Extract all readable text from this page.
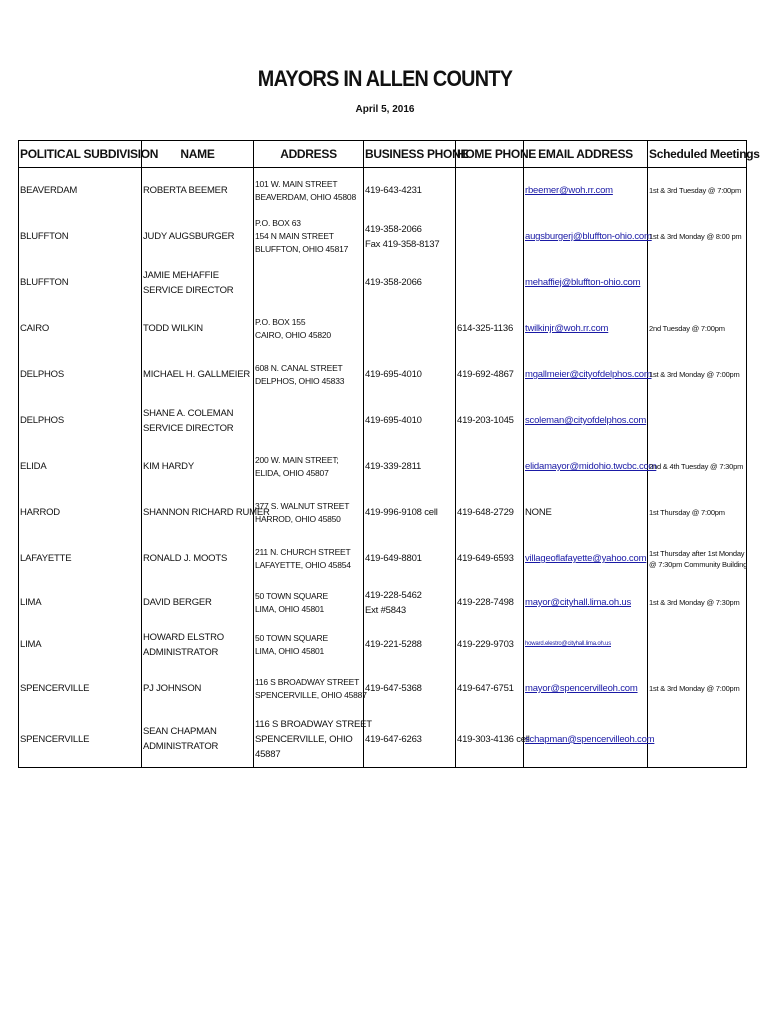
MAYORS IN ALLEN COUNTY
April 5, 2016
POLITICAL SUBDIVISION	NAME	ADDRESS	BUSINESS PHONE	HOME PHONE	EMAIL ADDRESS	Scheduled Meetings
BEAVERDAM	ROBERTA BEEMER	101 W. MAIN STREET
BEAVERDAM, OHIO 45808	419-643-4231		rbeemer@woh.rr.com	1st & 3rd Tuesday @ 7:00pm

BLUFFTON	JUDY AUGSBURGER	P.O. BOX 63
154 N MAIN STREET
BLUFFTON, OHIO 45817	419-358-2066
Fax 419-358-8137		augsburgerj@bluffton-ohio.com	1st & 3rd Monday @ 8:00 pm

BLUFFTON	JAMIE MEHAFFIE
SERVICE DIRECTOR		419-358-2066		mehaffiej@bluffton-ohio.com	
CAIRO	TODD WILKIN	P.O. BOX 155
CAIRO, OHIO 45820		614-325-1136	twilkinjr@woh.rr.com	2nd Tuesday @ 7:00pm

DELPHOS	MICHAEL H. GALLMEIER	608 N. CANAL STREET
DELPHOS, OHIO 45833	419-695-4010	419-692-4867	mgallmeier@cityofdelphos.com	1st & 3rd Monday @ 7:00pm

DELPHOS	SHANE A. COLEMAN
SERVICE DIRECTOR		419-695-4010	419-203-1045	scoleman@cityofdelphos.com	
ELIDA	KIM HARDY	200 W. MAIN STREET;
ELIDA, OHIO 45807	419-339-2811		elidamayor@midohio.twcbc.com	2nd & 4th Tuesday @ 7:30pm

HARROD	SHANNON RICHARD RUMER	377 S. WALNUT STREET
HARROD, OHIO 45850	419-996-9108 cell	419-648-2729	NONE	1st Thursday @ 7:00pm

LAFAYETTE	RONALD J. MOOTS	211 N. CHURCH STREET
LAFAYETTE, OHIO 45854	419-649-8801	419-649-6593	villageoflafayette@yahoo.com	1st Thursday after 1st Monday
@ 7:30pm Community Building

LIMA	DAVID BERGER	50 TOWN SQUARE
LIMA, OHIO 45801	419-228-5462
Ext #5843	419-228-7498	mayor@cityhall.lima.oh.us	1st & 3rd Monday @ 7:30pm

LIMA	HOWARD ELSTRO
ADMINISTRATOR	50 TOWN SQUARE
LIMA, OHIO 45801	419-221-5288	419-229-9703	howard.elestro@cityhall.lima.oh.us	
SPENCERVILLE	PJ JOHNSON	116 S BROADWAY STREET
SPENCERVILLE, OHIO 45887	419-647-5368	419-647-6751	mayor@spencervilleoh.com	1st & 3rd Monday @ 7:00pm

SPENCERVILLE	SEAN CHAPMAN
ADMINISTRATOR	116 S BROADWAY STREET
SPENCERVILLE, OHIO
45887	419-647-6263	419-303-4136 cell	schapman@spencervilleoh.com	
